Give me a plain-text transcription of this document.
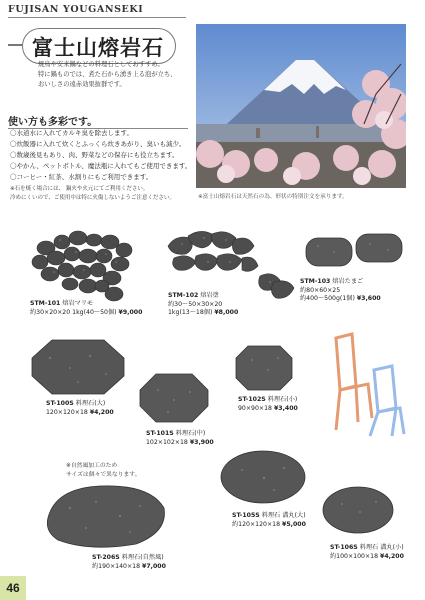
FUJISAN YOUGANSEKI
富士山熔岩石
焼鳥や安来鍋などの料理石としておすすめ。
特に鍋ものでは、煮た石から湧き上る泡が立ち、
おいしさの遠赤効果抜群です。
※富士山熔岩石は天然石の為、形状の特別注文を承ります。
使い方も多彩です。
〇水道水に入れてカルキ臭を除去します。
〇炊飯器に入れて炊くとふっくら炊きあがり、臭いも減少。
〇数歳後見もあり、肉、野菜などの保存にも役立ちます。
〇やかん、ペットボトル、魔法瓶に入れてもご使用できます。
〇コーヒー・紅茶、水割りにもご利用できます。
※石を焼く場合には、 鍋火や火元にてご利用ください。
冷めにくいので、ご使用中は特に火傷しないようご注意ください。
STM-101 熔岩マリモ
約30×20×20 1kg(40〜50個) ¥9,000
STM-102 熔岩塗
約30〜50×30×20
1kg(13〜18個) ¥8,000
STM-103 熔岩たまご
約80×60×25
約400〜500g(1個) ¥3,600
ST-100S 料理石(大)
120×120×18 ¥4,200
ST-101S 料理石(中)
102×102×18 ¥3,900
ST-102S 料理石(小)
90×90×18 ¥3,400
※自然風加工のため
サイズは個々で異なります。
ST-206S 料理石(自然風)
約190×140×18 ¥7,000
ST-105S 料理石 溝丸(大)
約120×120×18 ¥5,000
ST-106S 料理石 溝丸(小)
約100×100×18 ¥4,200
46
